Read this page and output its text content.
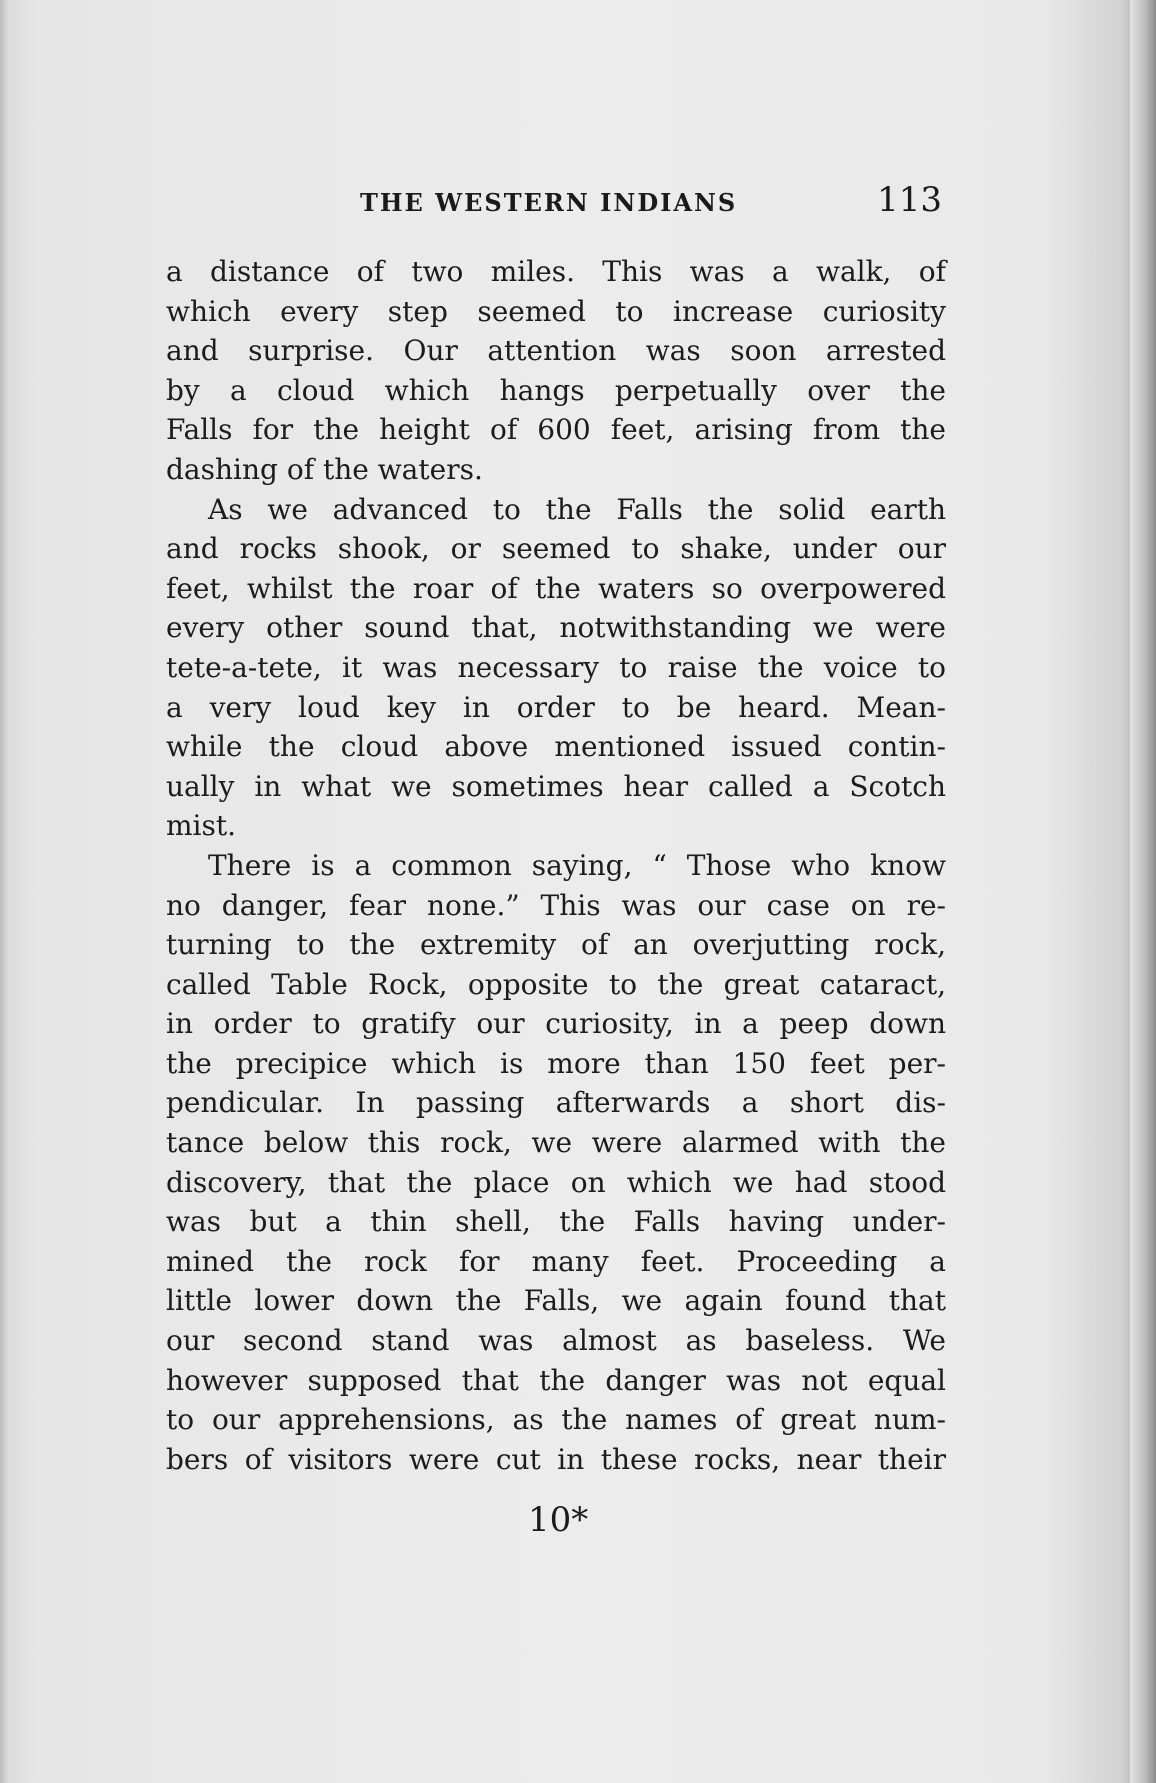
THE WESTERN INDIANS	113
a distance of two miles. This was a walk, of
which every step seemed to increase curiosity
and surprise. Our attention was soon arrested
by a cloud which hangs perpetually over the
Falls for the height of 600 feet, arising from the
dashing of the waters.
As we advanced to the Falls the solid earth
and rocks shook, or seemed to shake, under our
feet, whilst the roar of the waters so overpowered
every other sound that, notwithstanding we were
tete-a-tete, it was necessary to raise the voice to
a very loud key in order to be heard. Mean-
while the cloud above mentioned issued contin-
ually in what we sometimes hear called a Scotch
mist.
There is a common saying, “ Those who know
no danger, fear none.” This was our case on re-
turning to the extremity of an overjutting rock,
called Table Rock, opposite to the great cataract,
in order to gratify our curiosity, in a peep down
the precipice which is more than 150 feet per-
pendicular. In passing afterwards a short dis-
tance below this rock, we were alarmed with the
discovery, that the place on which we had stood
was but a thin shell, the Falls having under-
mined the rock for many feet. Proceeding a
little lower down the Falls, we again found that
our second stand was almost as baseless. We
however supposed that the danger was not equal
to our apprehensions, as the names of great num-
bers of visitors were cut in these rocks, near their
10*
